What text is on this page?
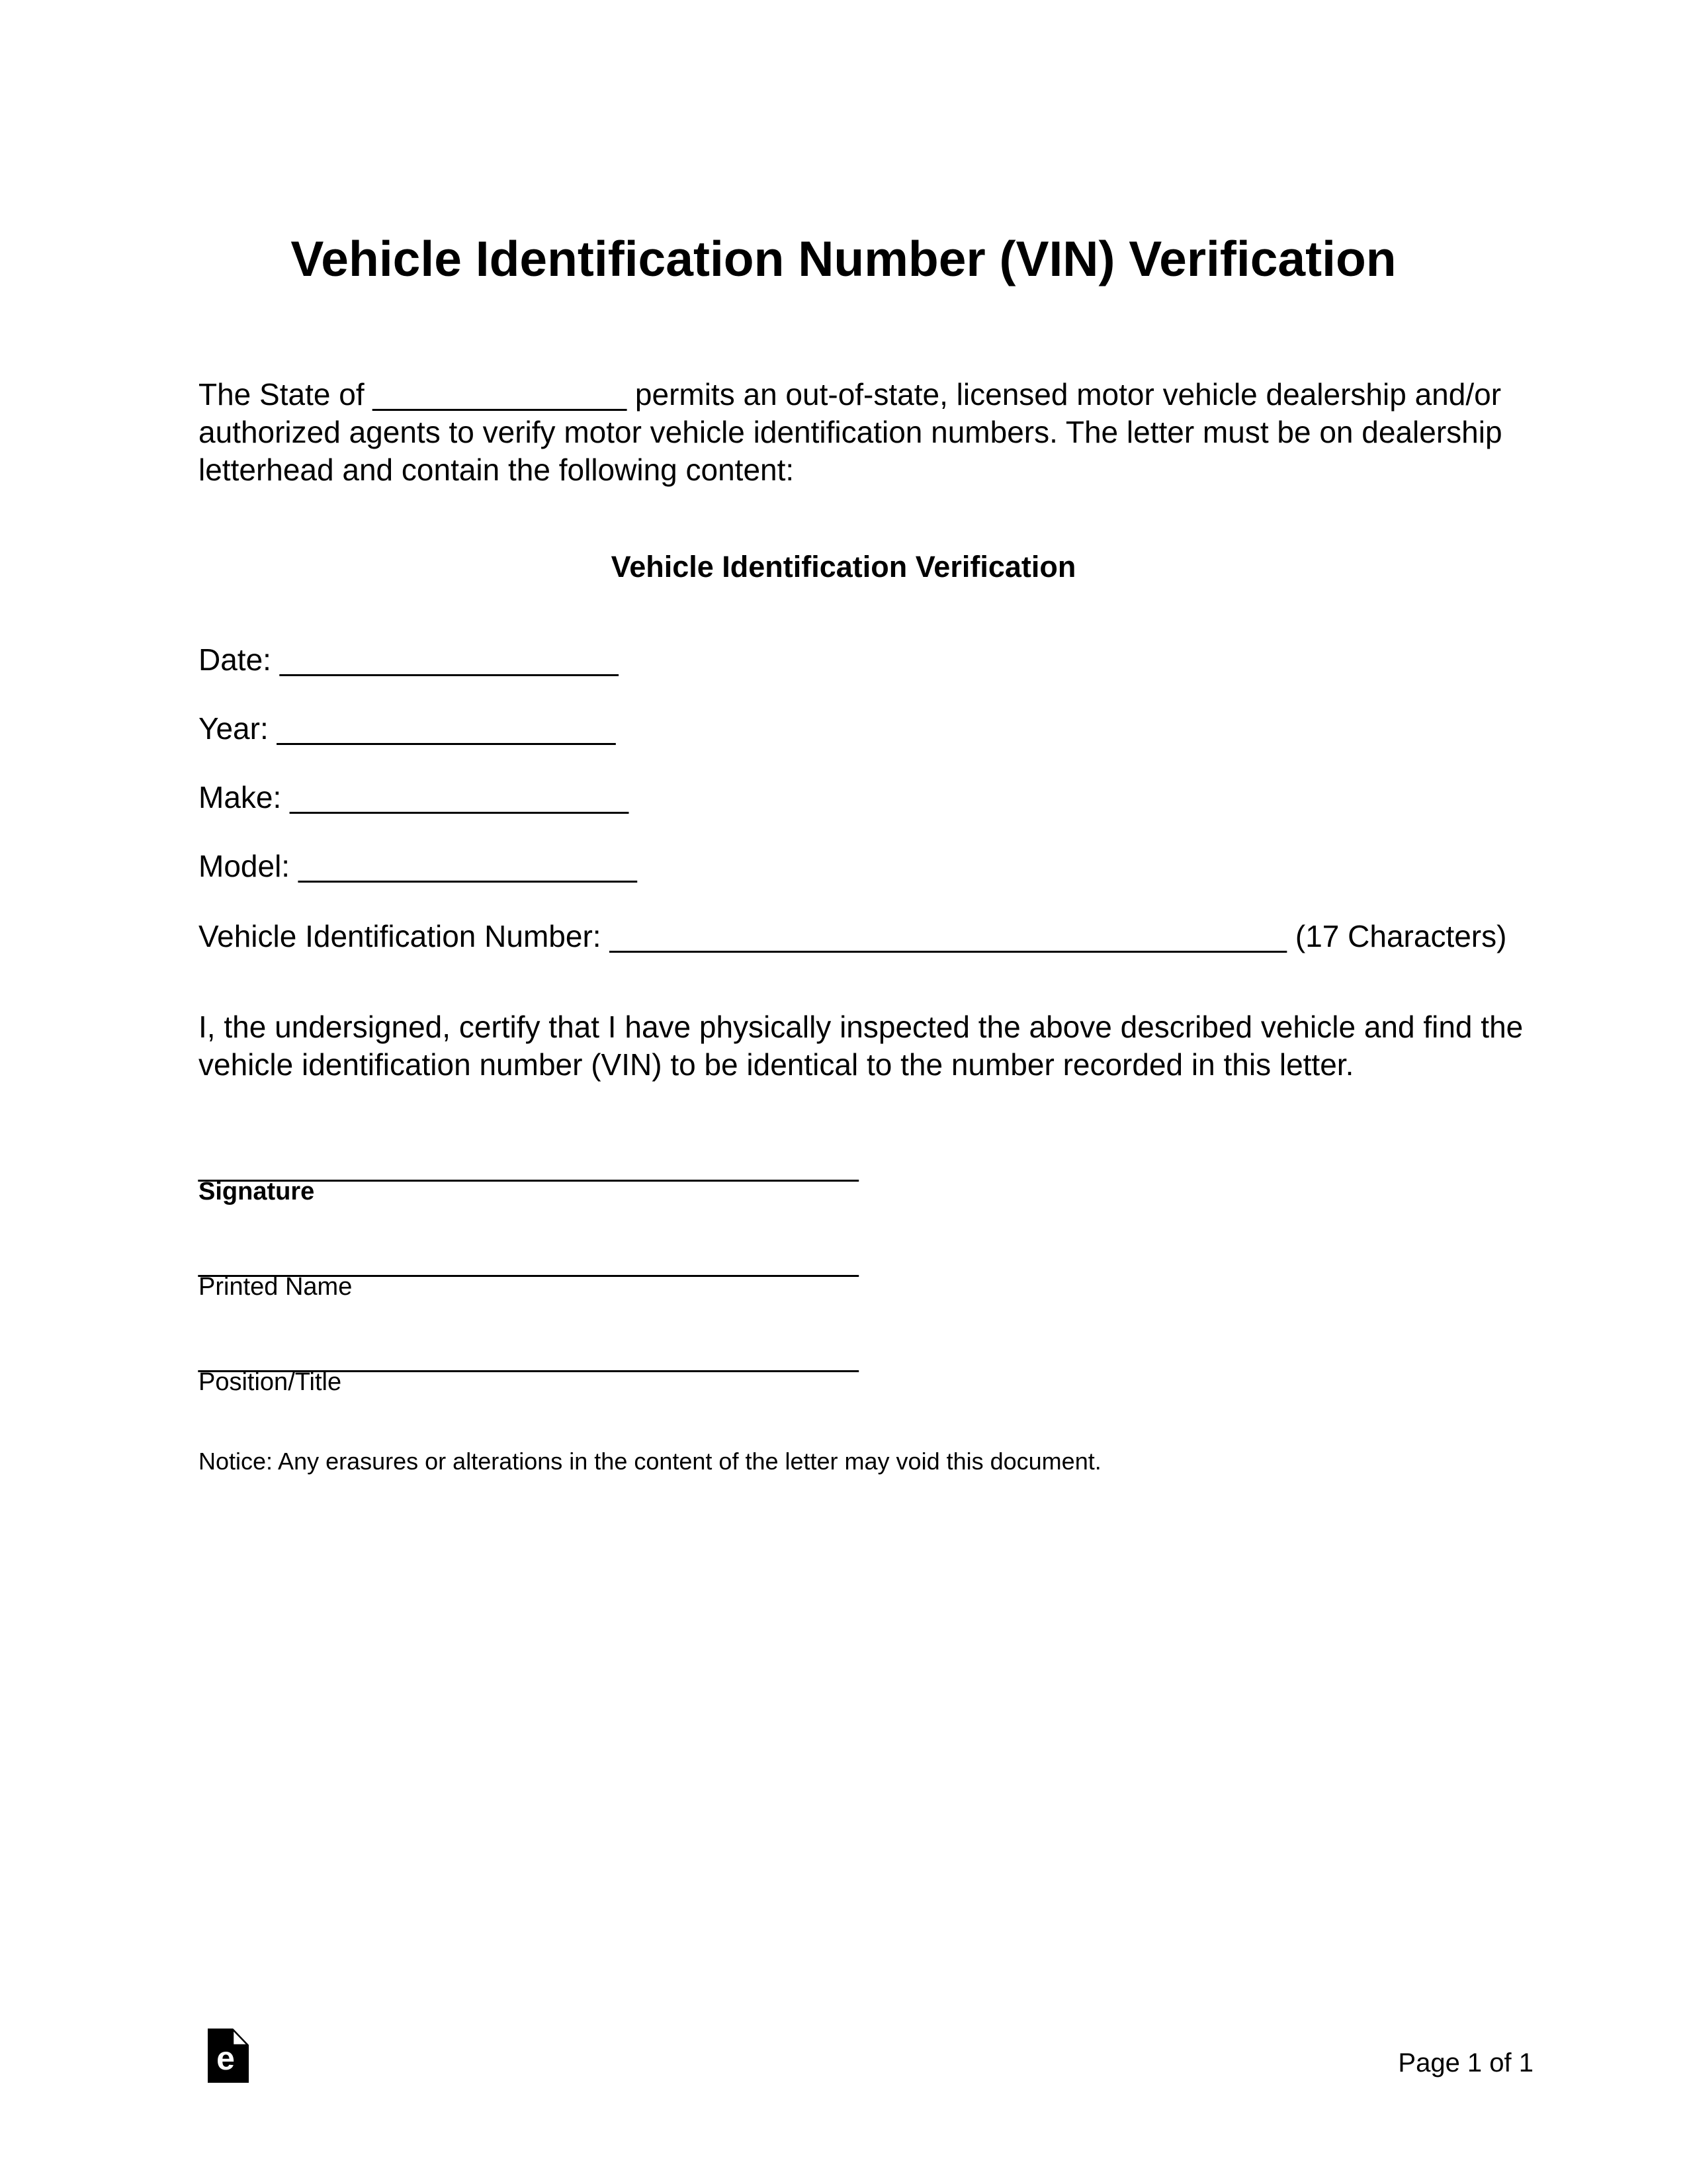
Vehicle Identification Number (VIN) Verification
The State of _______________ permits an out-of-state, licensed motor vehicle dealership and/or
authorized agents to verify motor vehicle identification numbers. The letter must be on dealership
letterhead and contain the following content:
Vehicle Identification Verification
Date: ____________________
Year: ____________________
Make: ____________________
Model: ____________________
Vehicle Identification Number: ________________________________________ (17 Characters)
I, the undersigned, certify that I have physically inspected the above described vehicle and find the
vehicle identification number (VIN) to be identical to the number recorded in this letter.
_______________________________________
Signature
_______________________________________
Printed Name
_______________________________________
Position/Title
Notice: Any erasures or alterations in the content of the letter may void this document.
e	Page 1 of 1
